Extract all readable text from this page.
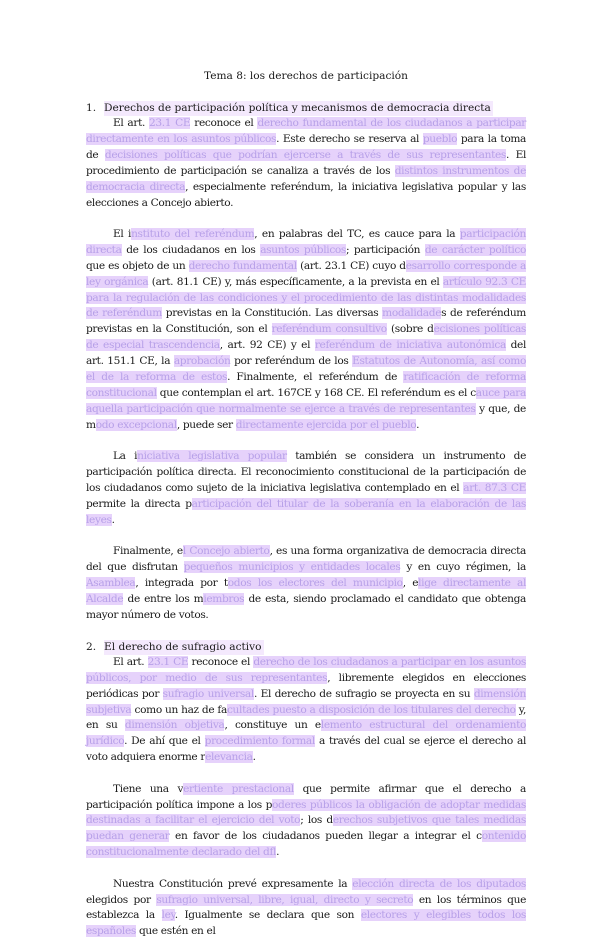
Tema 8: los derechos de participación
1. Derechos de participación política y mecanismos de democracia directa

El art. 23.1 CE reconoce el derecho fundamental de los ciudadanos a participar directamente en los asuntos públicos. Este derecho se reserva al pueblo para la toma de decisiones políticas que podrían ejercerse a través de sus representantes. El procedimiento de participación se canaliza a través de los distintos instrumentos de democracia directa, especialmente referéndum, la iniciativa legislativa popular y las elecciones a Concejo abierto.

El instituto del referéndum, en palabras del TC, es cauce para la participación directa de los ciudadanos en los asuntos públicos; participación de carácter político que es objeto de un derecho fundamental (art. 23.1 CE) cuyo desarrollo corresponde a ley orgánica (art. 81.1 CE) y, más específicamente, a la prevista en el artículo 92.3 CE para la regulación de las condiciones y el procedimiento de las distintas modalidades de referéndum previstas en la Constitución. Las diversas modalidades de referéndum previstas en la Constitución, son el referéndum consultivo (sobre decisiones políticas de especial trascendencia, art. 92 CE) y el referéndum de iniciativa autonómica del art. 151.1 CE, la aprobación por referéndum de los Estatutos de Autonomía, así como el de la reforma de estos. Finalmente, el referéndum de ratificación de reforma constitucional que contemplan el art. 167CE y 168 CE. El referéndum es el cauce para aquella participación que normalmente se ejerce a través de representantes y que, de modo excepcional, puede ser directamente ejercida por el pueblo.

La iniciativa legislativa popular también se considera un instrumento de participación política directa. El reconocimiento constitucional de la participación de los ciudadanos como sujeto de la iniciativa legislativa contemplado en el art. 87.3 CE permite la directa participación del titular de la soberanía en la elaboración de las leyes.

Finalmente, el Concejo abierto, es una forma organizativa de democracia directa del que disfrutan pequeños municipios y entidades locales y en cuyo régimen, la Asamblea, integrada por todos los electores del municipio, elige directamente al Alcalde de entre los miembros de esta, siendo proclamado el candidato que obtenga mayor número de votos.

2. El derecho de sufragio activo

El art. 23.1 CE reconoce el derecho de los ciudadanos a participar en los asuntos públicos, por medio de sus representantes, libremente elegidos en elecciones periódicas por sufragio universal. El derecho de sufragio se proyecta en su dimensión subjetiva como un haz de facultades puesto a disposición de los titulares del derecho y, en su dimensión objetiva, constituye un elemento estructural del ordenamiento jurídico. De ahí que el procedimiento formal a través del cual se ejerce el derecho al voto adquiera enorme relevancia.

Tiene una vertiente prestacional que permite afirmar que el derecho a participación política impone a los poderes públicos la obligación de adoptar medidas destinadas a facilitar el ejercicio del voto; los derechos subjetivos que tales medidas puedan generar en favor de los ciudadanos pueden llegar a integrar el contenido constitucionalmente declarado del dfl.

Nuestra Constitución prevé expresamente la elección directa de los diputados elegidos por sufragio universal, libre, igual, directo y secreto en los términos que establezca la ley. Igualmente se declara que son electores y elegibles todos los españoles que estén en el
